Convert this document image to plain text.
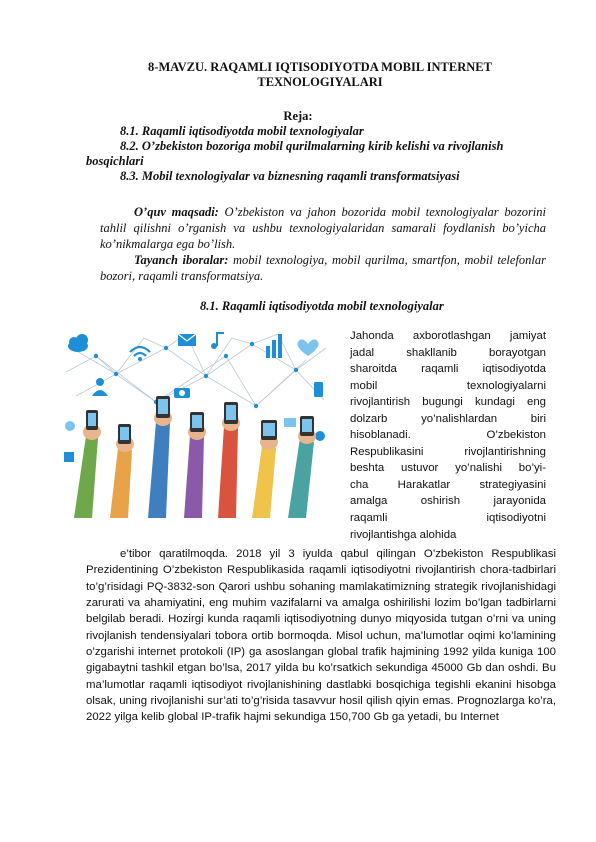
8-MAVZU. RAQAMLI IQTISODIYOTDA MOBIL INTERNET TEXNOLOGIYALARI
Reja:
8.1. Raqamli iqtisodiyotda mobil texnologiyalar
8.2. O’zbekiston bozoriga mobil qurilmalarning kirib kelishi va rivojlanish bosqichlari
8.3. Mobil texnologiyalar va biznesning raqamli transformatsiyasi
O’quv maqsadi: O’zbekiston va jahon bozorida mobil texnologiyalar bozorini tahlil qilishni o’rganish va ushbu texnologiyalaridan samarali foydlanish bo’yicha ko’nikmalarga ega bo’lish.
Tayanch iboralar: mobil texnologiya, mobil qurilma, smartfon, mobil telefonlar bozori, raqamli transformatsiya.
8.1. Raqamli iqtisodiyotda mobil texnologiyalar
Jahonda axborotlashgan jamiyat
jadal shakllanib borayotgan
sharoitda raqamli iqtisodiyotda
mobil texnologiyalarni
rivojlantirish bugungi kundagi eng
dolzarb yo’nalishlardan biri
hisoblanadi. O’zbekiston
Respublikasini rivojlantirishning
beshta ustuvor yo’nalishi bo’yi-
cha Harakatlar strategiyasini
amalga oshirish jarayonida
raqamli iqtisodiyotni
rivojlantishga alohida
e’tibor qaratilmoqda. 2018 yil 3 iyulda qabul qilingan O’zbekiston Respublikasi Prezidentining O’zbekiston Respublikasida raqamli iqtisodiyotni rivojlantirish chora-tadbirlari to’g’risidagi PQ-3832-son Qarori ushbu sohaning mamlakatimizning strategik rivojlanishidagi zarurati va ahamiyatini, eng muhim vazifalarni va amalga oshirilishi lozim bo’lgan tadbirlarni belgilab beradi. Hozirgi kunda raqamli iqtisodiyotning dunyo miqyosida tutgan o’rni va uning rivojlanish tendensiyalari tobora ortib bormoqda. Misol uchun, ma’lumotlar oqimi ko’lamining o’zgarishi internet protokoli (IP) ga asoslangan global trafik hajmining 1992 yilda kuniga 100 gigabaytni tashkil etgan bo’lsa, 2017 yilda bu ko’rsatkich sekundiga 45000 Gb dan oshdi. Bu ma’lumotlar raqamli iqtisodiyot rivojlanishining dastlabki bosqichiga tegishli ekanini hisobga olsak, uning rivojlanishi sur’ati to’g’risida tasavvur hosil qilish qiyin emas. Prognozlarga ko’ra, 2022 yilga kelib global IP-trafik hajmi sekundiga 150,700 Gb ga yetadi, bu Internet
